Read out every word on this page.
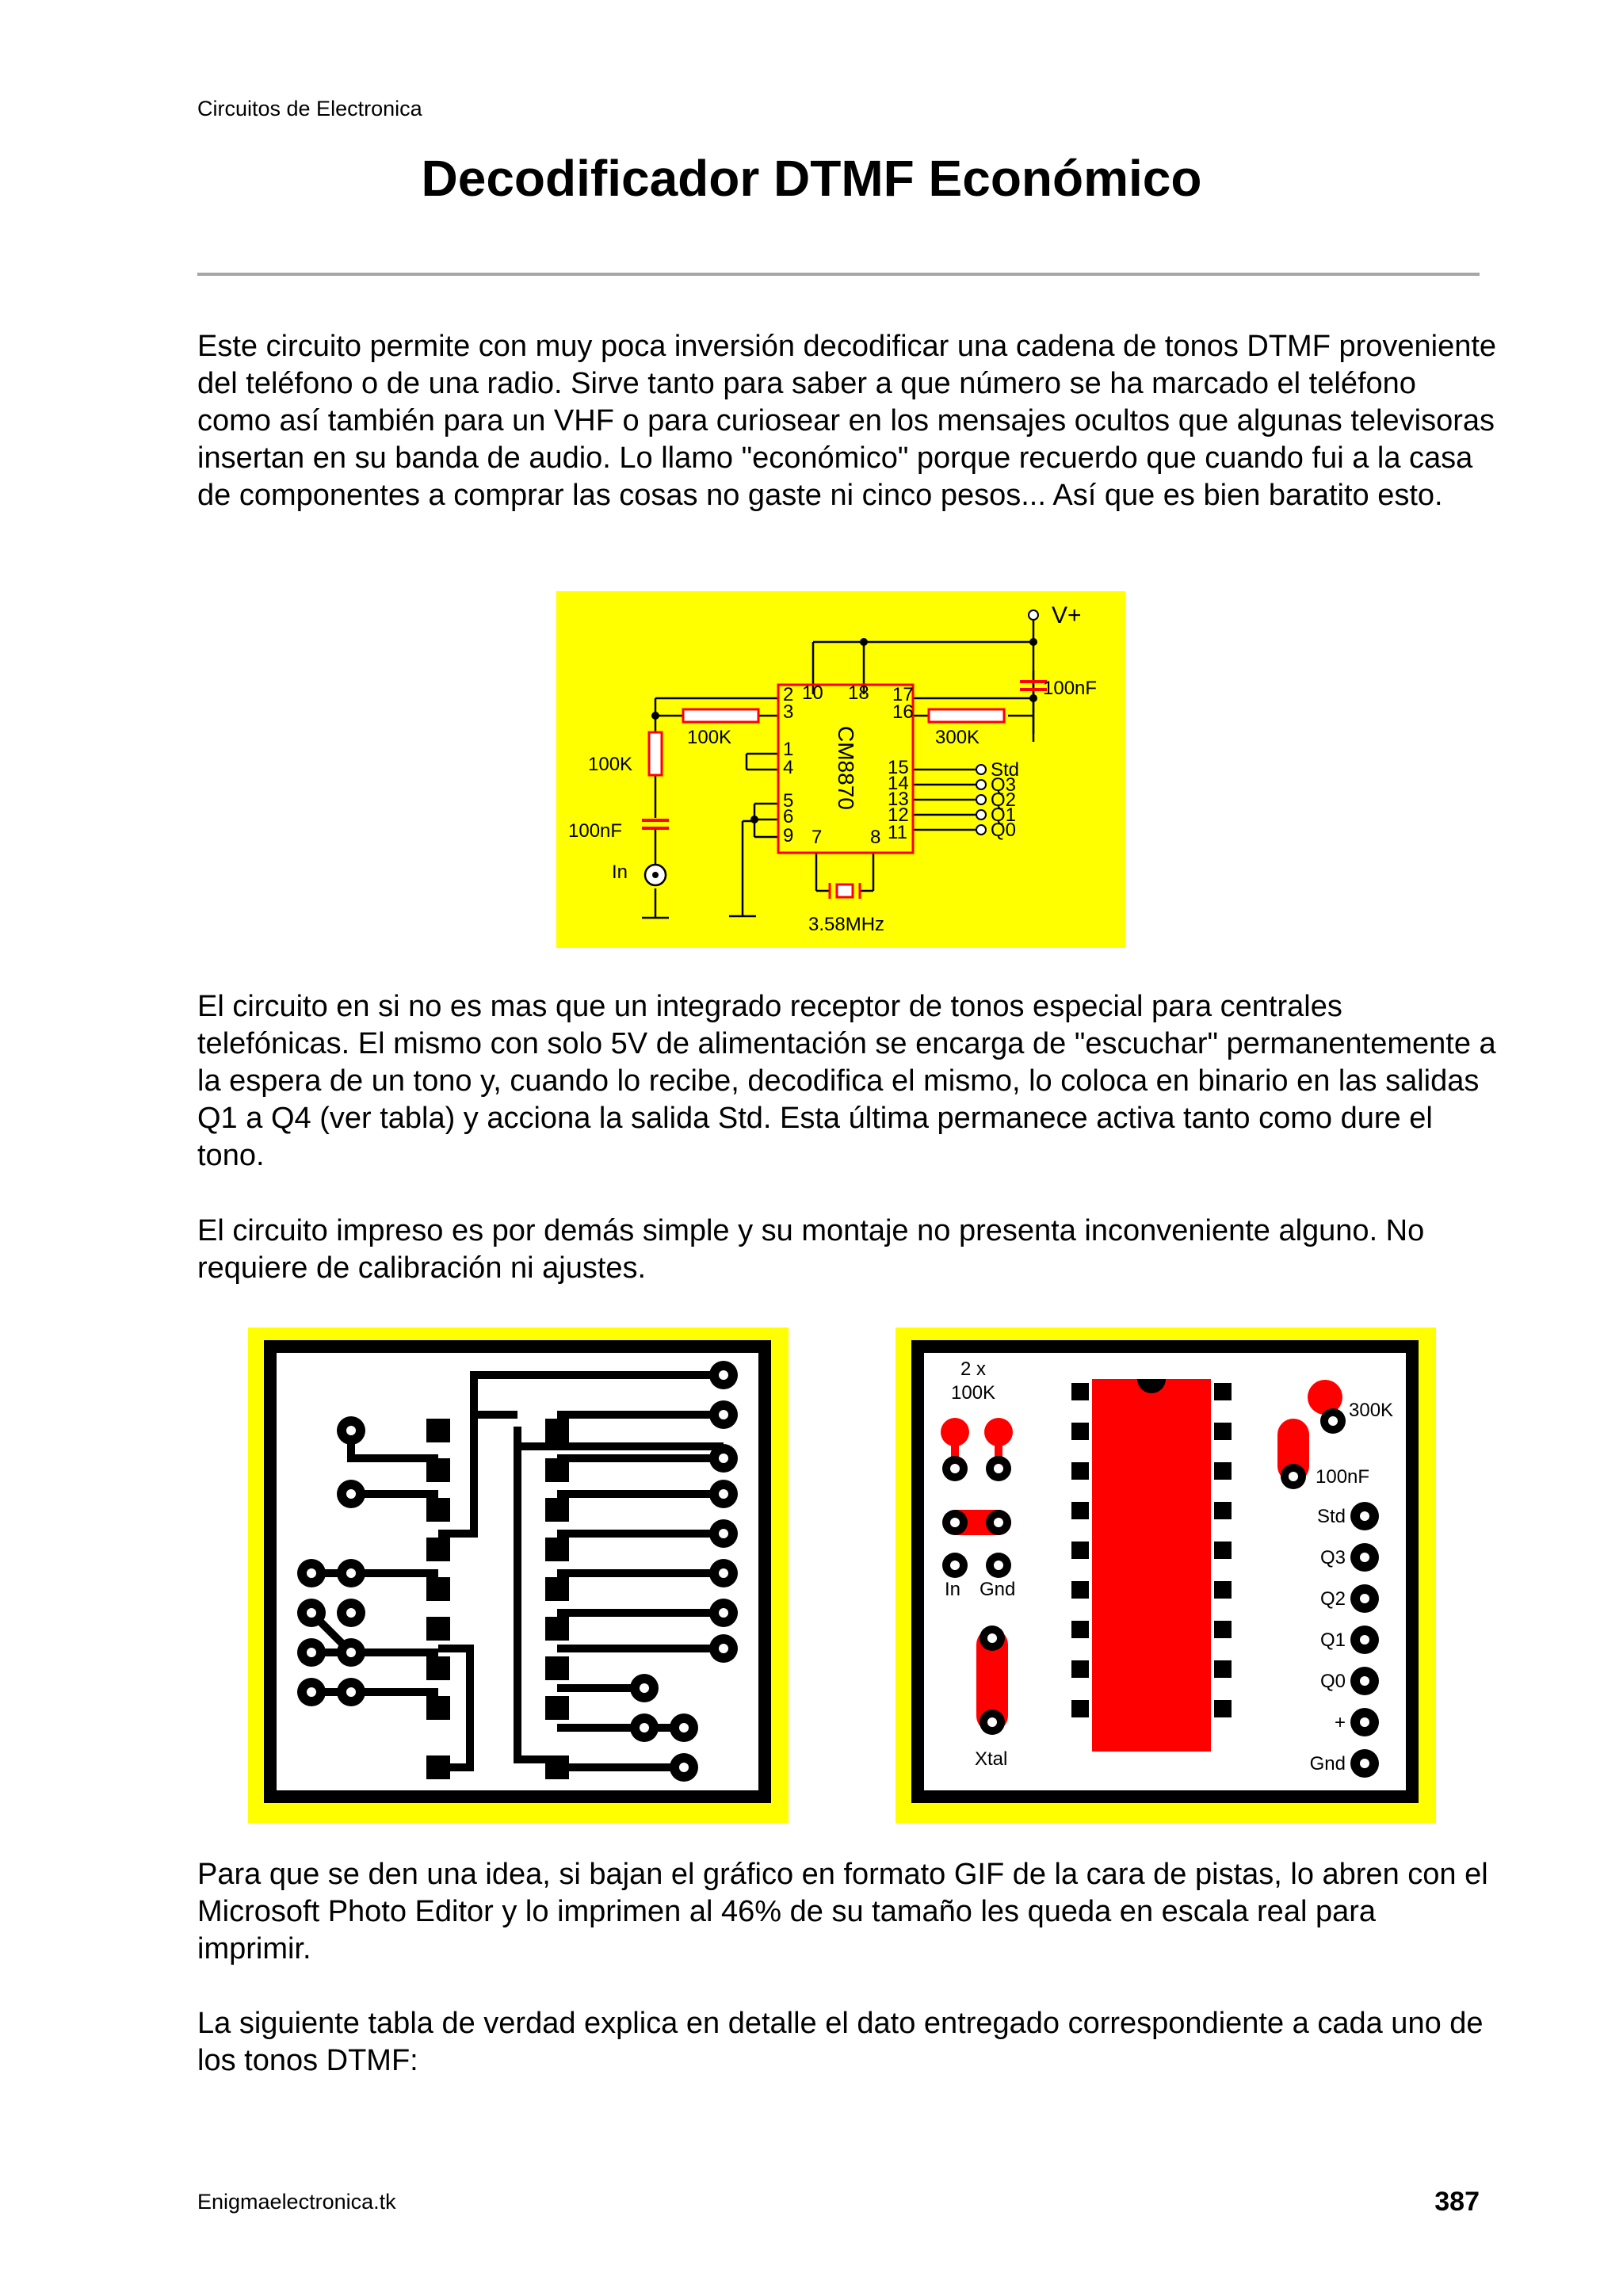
Circuitos de Electronica
Decodificador DTMF Económico
Este circuito permite con muy poca inversión decodificar una cadena de tonos DTMF proveniente del teléfono o de una radio. Sirve tanto para saber a que número se ha marcado el teléfono como así también para un VHF o para curiosear en los mensajes ocultos que algunas televisoras insertan en su banda de audio. Lo llamo "económico" porque recuerdo que cuando fui a la casa de componentes a comprar las cosas no gaste ni cinco pesos... Así que es bien baratito esto.
V+
100nF
100K	300K
100K
100nF
In
3.58MHz
2
3
1
4
5
6
9
10 18 17
16
15
14
13
12
11
7	8
Std
Q3
Q2
Q1
Q0
CM8870
El circuito en si no es mas que un integrado receptor de tonos especial para centrales telefónicas. El mismo con solo 5V de alimentación se encarga de "escuchar" permanentemente a la espera de un tono y, cuando lo recibe, decodifica el mismo, lo coloca en binario en las salidas Q1 a Q4 (ver tabla) y acciona la salida Std. Esta última permanece activa tanto como dure el tono.
El circuito impreso es por demás simple y su montaje no presenta inconveniente alguno. No requiere de calibración ni ajustes.
2 x
100K
300K
100nF
In Gnd
Xtal
Std
Q3
Q2
Q1
Q0
+
Gnd
Para que se den una idea, si bajan el gráfico en formato GIF de la cara de pistas, lo abren con el Microsoft Photo Editor y lo imprimen al 46% de su tamaño les queda en escala real para imprimir.
La siguiente tabla de verdad explica en detalle el dato entregado correspondiente a cada uno de los tonos DTMF:
Enigmaelectronica.tk	387
